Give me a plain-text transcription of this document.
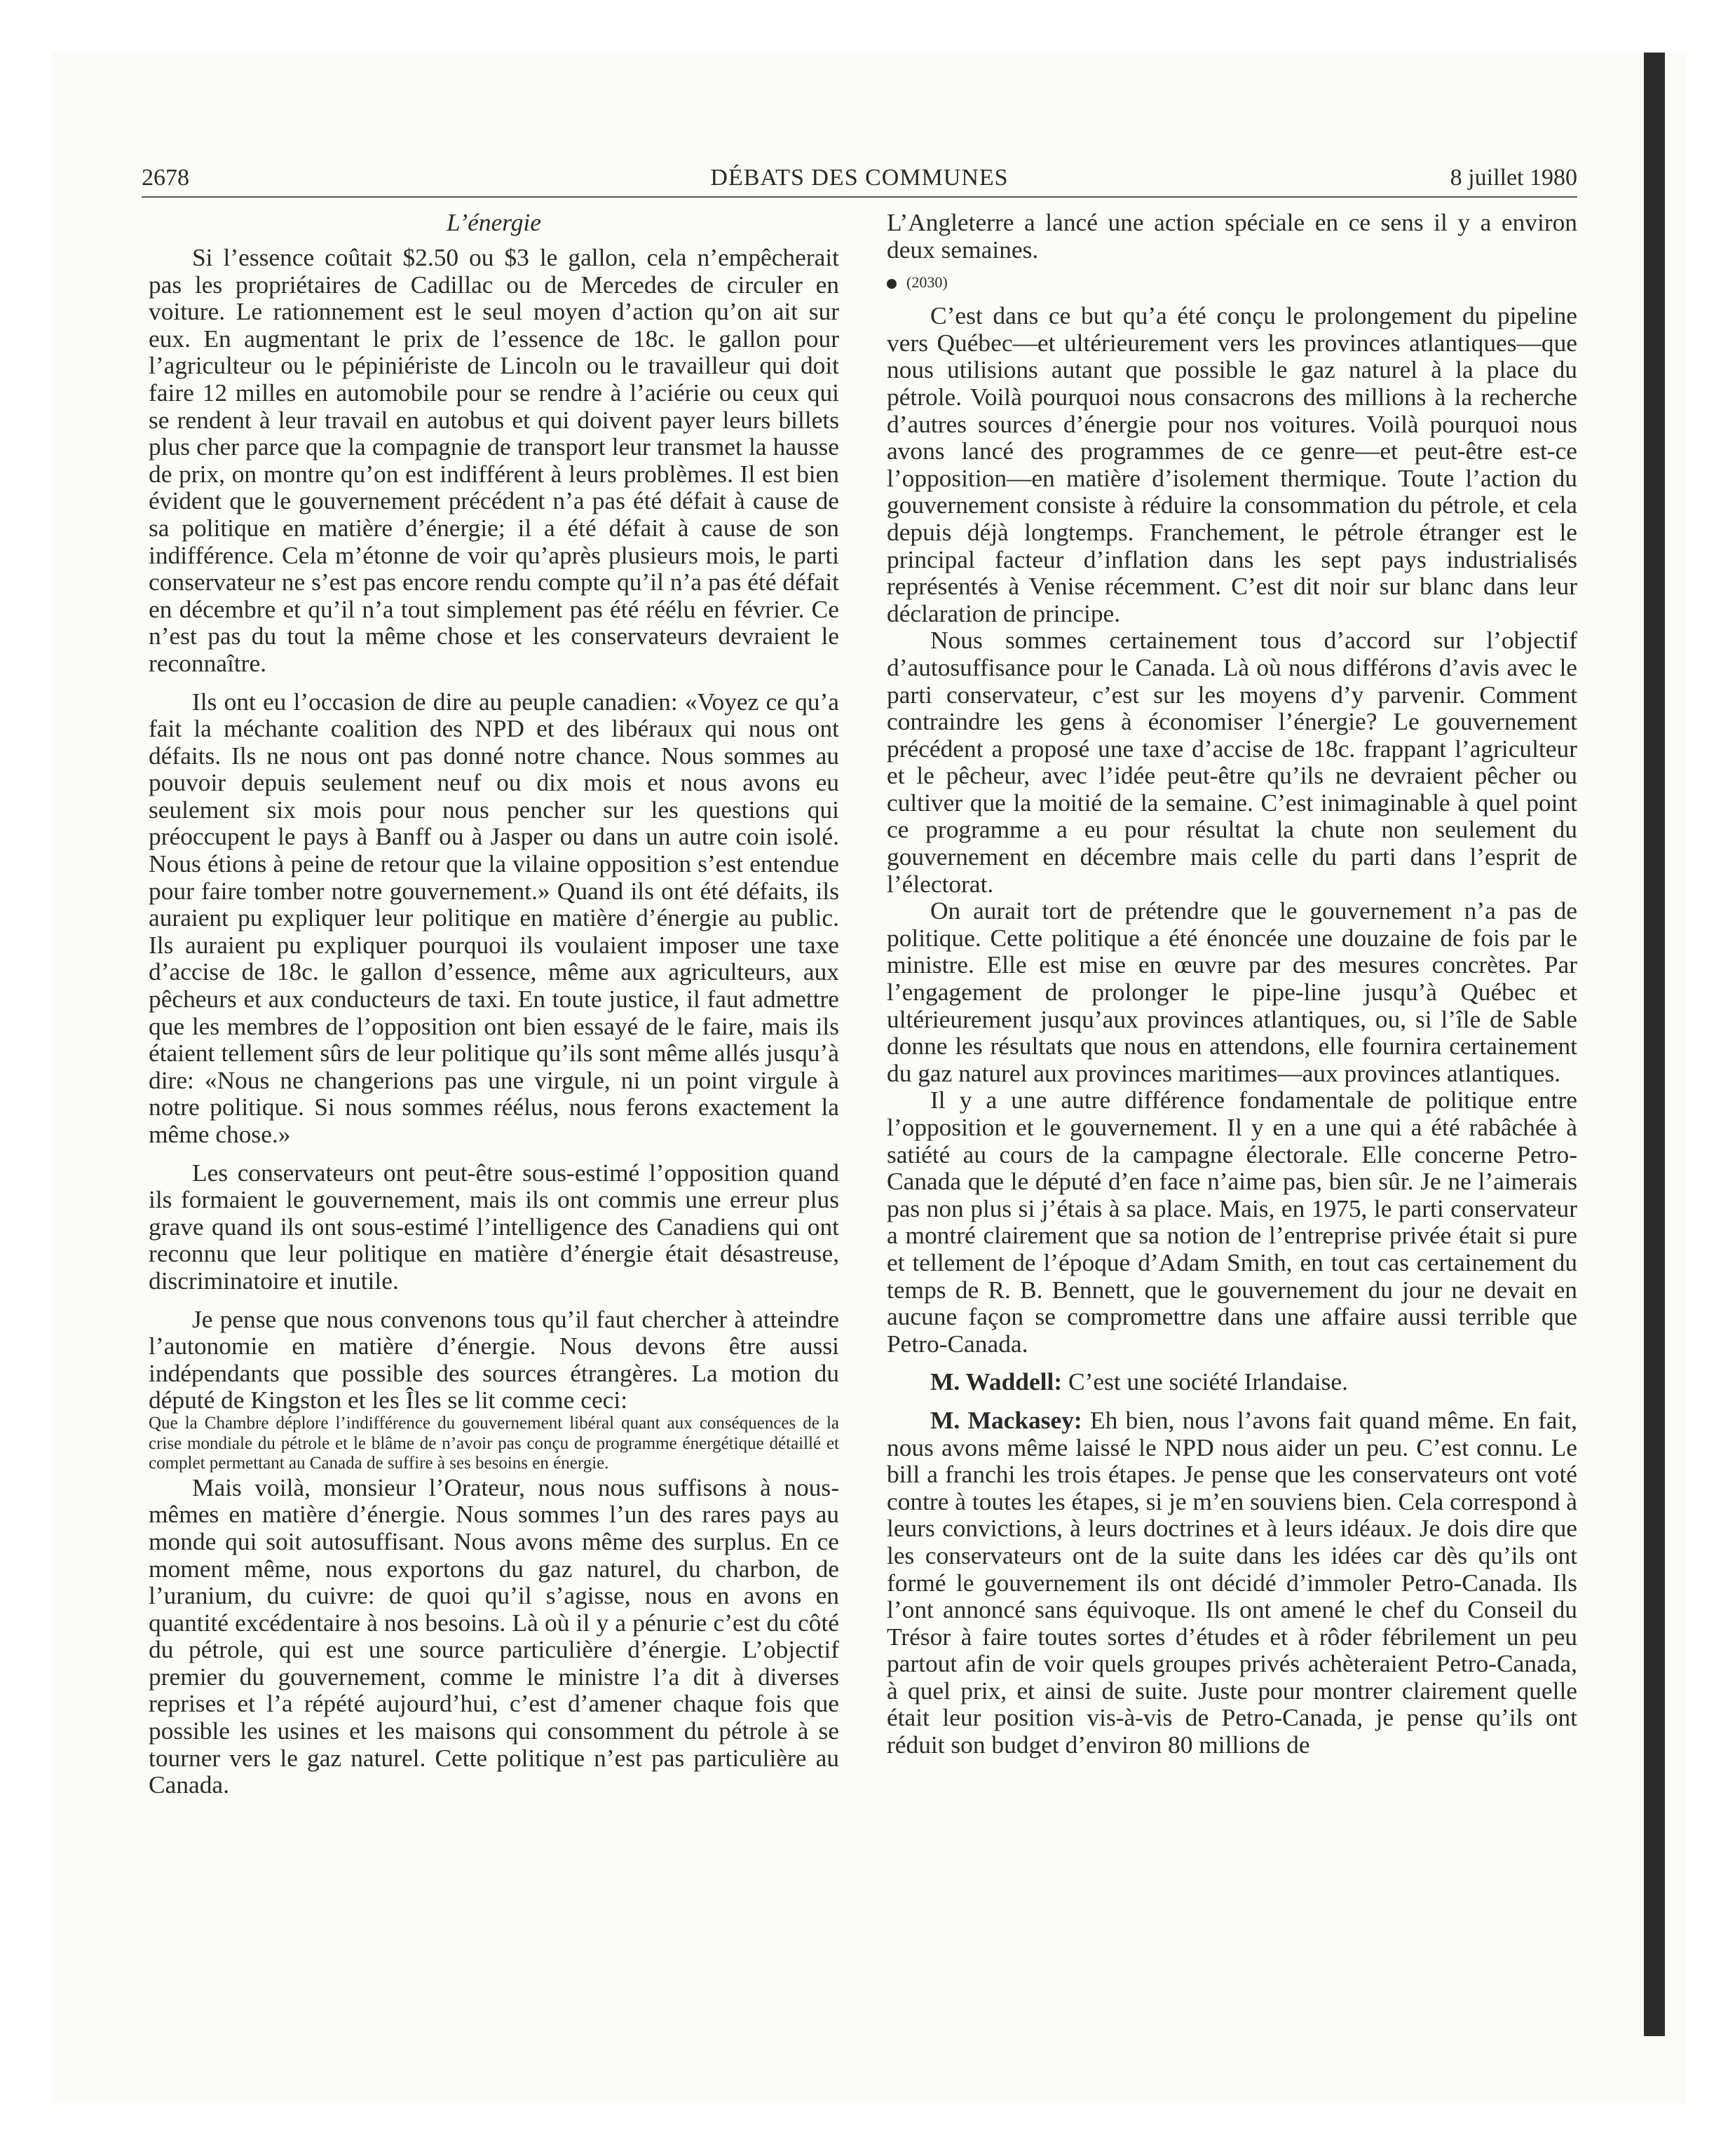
2678	DÉBATS DES COMMUNES	8 juillet 1980
L’énergie

Si l’essence coûtait $2.50 ou $3 le gallon, cela n’empêcherait pas les propriétaires de Cadillac ou de Mercedes de circuler en voiture. Le rationnement est le seul moyen d’action qu’on ait sur eux. En augmentant le prix de l’essence de 18c. le gallon pour l’agriculteur ou le pépiniériste de Lincoln ou le travailleur qui doit faire 12 milles en automobile pour se rendre à l’aciérie ou ceux qui se rendent à leur travail en autobus et qui doivent payer leurs billets plus cher parce que la compagnie de transport leur transmet la hausse de prix, on montre qu’on est indifférent à leurs problèmes. Il est bien évident que le gouvernement précédent n’a pas été défait à cause de sa politique en matière d’énergie; il a été défait à cause de son indifférence. Cela m’étonne de voir qu’après plusieurs mois, le parti conservateur ne s’est pas encore rendu compte qu’il n’a pas été défait en décembre et qu’il n’a tout simplement pas été réélu en février. Ce n’est pas du tout la même chose et les conservateurs devraient le reconnaître.

Ils ont eu l’occasion de dire au peuple canadien: «Voyez ce qu’a fait la méchante coalition des NPD et des libéraux qui nous ont défaits. Ils ne nous ont pas donné notre chance. Nous sommes au pouvoir depuis seulement neuf ou dix mois et nous avons eu seulement six mois pour nous pencher sur les questions qui préoccupent le pays à Banff ou à Jasper ou dans un autre coin isolé. Nous étions à peine de retour que la vilaine opposition s’est entendue pour faire tomber notre gouvernement.» Quand ils ont été défaits, ils auraient pu expliquer leur politique en matière d’énergie au public. Ils auraient pu expliquer pourquoi ils voulaient imposer une taxe d’accise de 18c. le gallon d’essence, même aux agriculteurs, aux pêcheurs et aux conducteurs de taxi. En toute justice, il faut admettre que les membres de l’opposition ont bien essayé de le faire, mais ils étaient tellement sûrs de leur politique qu’ils sont même allés jusqu’à dire: «Nous ne changerions pas une virgule, ni un point virgule à notre politique. Si nous sommes réélus, nous ferons exactement la même chose.»

Les conservateurs ont peut-être sous-estimé l’opposition quand ils formaient le gouvernement, mais ils ont commis une erreur plus grave quand ils ont sous-estimé l’intelligence des Canadiens qui ont reconnu que leur politique en matière d’énergie était désastreuse, discriminatoire et inutile.

Je pense que nous convenons tous qu’il faut chercher à atteindre l’autonomie en matière d’énergie. Nous devons être aussi indépendants que possible des sources étrangères. La motion du député de Kingston et les Îles se lit comme ceci:

Que la Chambre déplore l’indifférence du gouvernement libéral quant aux conséquences de la crise mondiale du pétrole et le blâme de n’avoir pas conçu de programme énergétique détaillé et complet permettant au Canada de suffire à ses besoins en énergie.

Mais voilà, monsieur l’Orateur, nous nous suffisons à nous-mêmes en matière d’énergie. Nous sommes l’un des rares pays au monde qui soit autosuffisant. Nous avons même des surplus. En ce moment même, nous exportons du gaz naturel, du charbon, de l’uranium, du cuivre: de quoi qu’il s’agisse, nous en avons en quantité excédentaire à nos besoins. Là où il y a pénurie c’est du côté du pétrole, qui est une source particulière d’énergie. L’objectif premier du gouvernement, comme le ministre l’a dit à diverses reprises et l’a répété aujourd’hui, c’est d’amener chaque fois que possible les usines et les maisons qui consomment du pétrole à se tourner vers le gaz naturel. Cette politique n’est pas particulière au Canada.

L’Angleterre a lancé une action spéciale en ce sens il y a environ deux semaines.

(2030)

C’est dans ce but qu’a été conçu le prolongement du pipeline vers Québec—et ultérieurement vers les provinces atlantiques—que nous utilisions autant que possible le gaz naturel à la place du pétrole. Voilà pourquoi nous consacrons des millions à la recherche d’autres sources d’énergie pour nos voitures. Voilà pourquoi nous avons lancé des programmes de ce genre—et peut-être est-ce l’opposition—en matière d’isolement thermique. Toute l’action du gouvernement consiste à réduire la consommation du pétrole, et cela depuis déjà longtemps. Franchement, le pétrole étranger est le principal facteur d’inflation dans les sept pays industrialisés représentés à Venise récemment. C’est dit noir sur blanc dans leur déclaration de principe.

Nous sommes certainement tous d’accord sur l’objectif d’autosuffisance pour le Canada. Là où nous différons d’avis avec le parti conservateur, c’est sur les moyens d’y parvenir. Comment contraindre les gens à économiser l’énergie? Le gouvernement précédent a proposé une taxe d’accise de 18c. frappant l’agriculteur et le pêcheur, avec l’idée peut-être qu’ils ne devraient pêcher ou cultiver que la moitié de la semaine. C’est inimaginable à quel point ce programme a eu pour résultat la chute non seulement du gouvernement en décembre mais celle du parti dans l’esprit de l’électorat.

On aurait tort de prétendre que le gouvernement n’a pas de politique. Cette politique a été énoncée une douzaine de fois par le ministre. Elle est mise en œuvre par des mesures concrètes. Par l’engagement de prolonger le pipe-line jusqu’à Québec et ultérieurement jusqu’aux provinces atlantiques, ou, si l’île de Sable donne les résultats que nous en attendons, elle fournira certainement du gaz naturel aux provinces maritimes—aux provinces atlantiques.

Il y a une autre différence fondamentale de politique entre l’opposition et le gouvernement. Il y en a une qui a été rabâchée à satiété au cours de la campagne électorale. Elle concerne Petro-Canada que le député d’en face n’aime pas, bien sûr. Je ne l’aimerais pas non plus si j’étais à sa place. Mais, en 1975, le parti conservateur a montré clairement que sa notion de l’entreprise privée était si pure et tellement de l’époque d’Adam Smith, en tout cas certainement du temps de R. B. Bennett, que le gouvernement du jour ne devait en aucune façon se compromettre dans une affaire aussi terrible que Petro-Canada.

M. Waddell: C’est une société Irlandaise.

M. Mackasey: Eh bien, nous l’avons fait quand même. En fait, nous avons même laissé le NPD nous aider un peu. C’est connu. Le bill a franchi les trois étapes. Je pense que les conservateurs ont voté contre à toutes les étapes, si je m’en souviens bien. Cela correspond à leurs convictions, à leurs doctrines et à leurs idéaux. Je dois dire que les conservateurs ont de la suite dans les idées car dès qu’ils ont formé le gouvernement ils ont décidé d’immoler Petro-Canada. Ils l’ont annoncé sans équivoque. Ils ont amené le chef du Conseil du Trésor à faire toutes sortes d’études et à rôder fébrilement un peu partout afin de voir quels groupes privés achèteraient Petro-Canada, à quel prix, et ainsi de suite. Juste pour montrer clairement quelle était leur position vis-à-vis de Petro-Canada, je pense qu’ils ont réduit son budget d’environ 80 millions de
